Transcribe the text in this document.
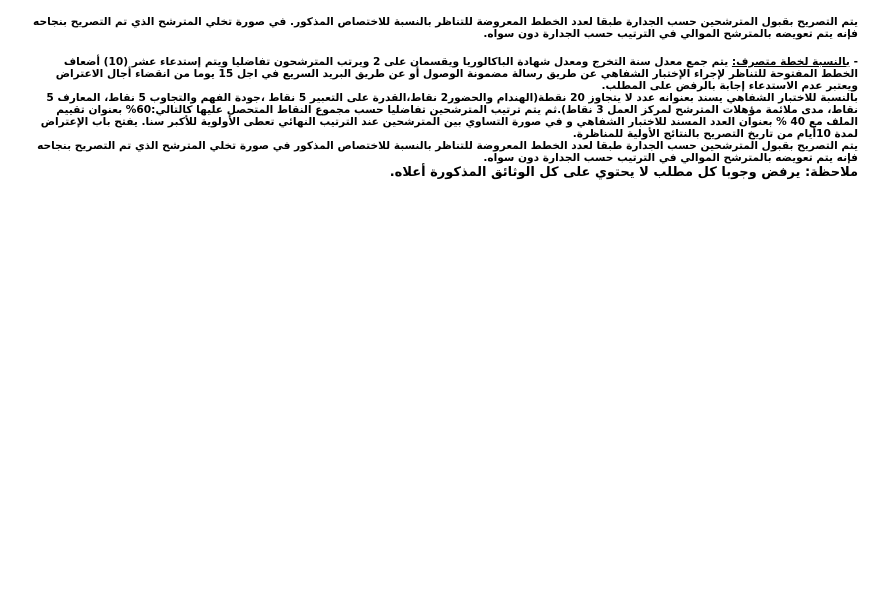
يتم التصريح بقبول المترشحين حسب الجدارة طبقا لعدد الخطط المعروضة للتناظر بالنسبة للاختصاص المذكور. في صورة تخلي المترشح الذي تم التصريح بنجاحه فإنه يتم تعويضه بالمترشح الموالي في الترتيب حسب الجدارة دون سواه.

- بالنسبة لخطة متصرف: يتم جمع معدل سنة التخرج ومعدل شهادة الباكالوريا ويقسمان على 2 ويرتب المترشحون تفاضليا ويتم إستدعاء عشر (10) أضعاف الخطط المفتوحة للتناظر لإجراء الإختبار الشفاهي عن طريق رسالة مضمونة الوصول أو عن طريق البريد السريع في اجل 15 يوما من انقضاء أجال الاعتراض ويعتبر عدم الاستدعاء إجابة بالرفض على المطلب.

بالنسبة للاختبار الشفاهي يسند بعنوانه عدد لا يتجاوز 20 نقطة(الهندام والحضور2 نقاط،القدرة على التعبير 5 نقاط ،جودة الفهم والتجاوب 5 نقاط، المعارف 5 نقاط، مدى ملائمة مؤهلات المترشح لمركز العمل 3 نقاط).ثم يتم ترتيب المترشحين تفاضليا حسب مجموع النقاط المتحصل عليها كالتالي:60% بعنوان تقييم الملف مع 40 % بعنوان العدد المسند للاختبار الشفاهي و في صورة التساوي بين المترشحين عند الترتيب النهائي تعطى الأولوية للأكبر سنا. يفتح باب الإعتراض لمدة 10أيام من تاريخ التصريح بالنتائج الأولية للمناظرة.

يتم التصريح بقبول المترشحين حسب الجدارة طبقا لعدد الخطط المعروضة للتناظر بالنسبة للاختصاص المذكور في صورة تخلي المترشح الذي تم التصريح بنجاحه فإنه يتم تعويضه بالمترشح الموالي في الترتيب حسب الجدارة دون سواه.

ملاحظة: يرفض وجوبا كل مطلب لا يحتوي على كل الوثائق المذكورة أعلاه.
